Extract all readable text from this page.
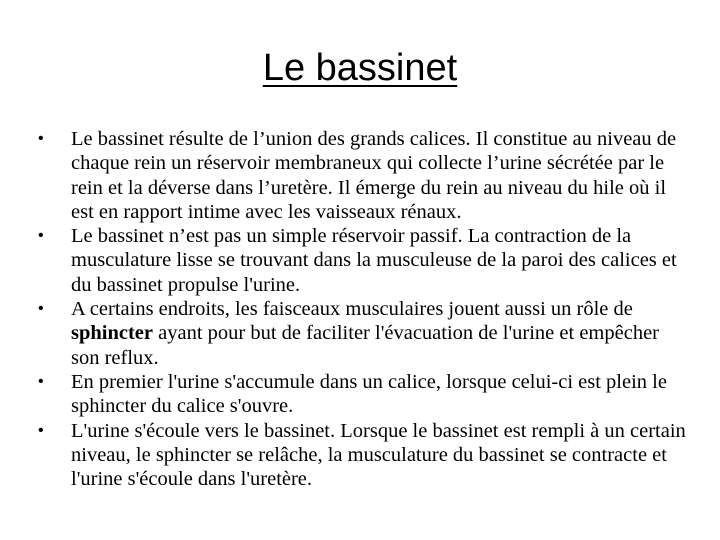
Le bassinet
•	Le bassinet résulte de l’union des grands calices. Il constitue au niveau de chaque rein un réservoir membraneux qui collecte l’urine sécrétée par le rein et la déverse dans l’uretère. Il émerge du rein au niveau du hile où il est en rapport intime avec les vaisseaux rénaux.
•	Le bassinet n’est pas un simple réservoir passif. La contraction de la musculature lisse se trouvant dans la musculeuse de la paroi des calices et du bassinet propulse l'urine.
•	A certains endroits, les faisceaux musculaires jouent aussi un rôle de sphincter ayant pour but de faciliter l'évacuation de l'urine et empêcher son reflux.
•	En premier l'urine s'accumule dans un calice, lorsque celui-ci est plein le sphincter du calice s'ouvre.
•	L'urine s'écoule vers le bassinet. Lorsque le bassinet est rempli à un certain niveau, le sphincter se relâche, la musculature du bassinet se contracte et l'urine s'écoule dans l'uretère.
